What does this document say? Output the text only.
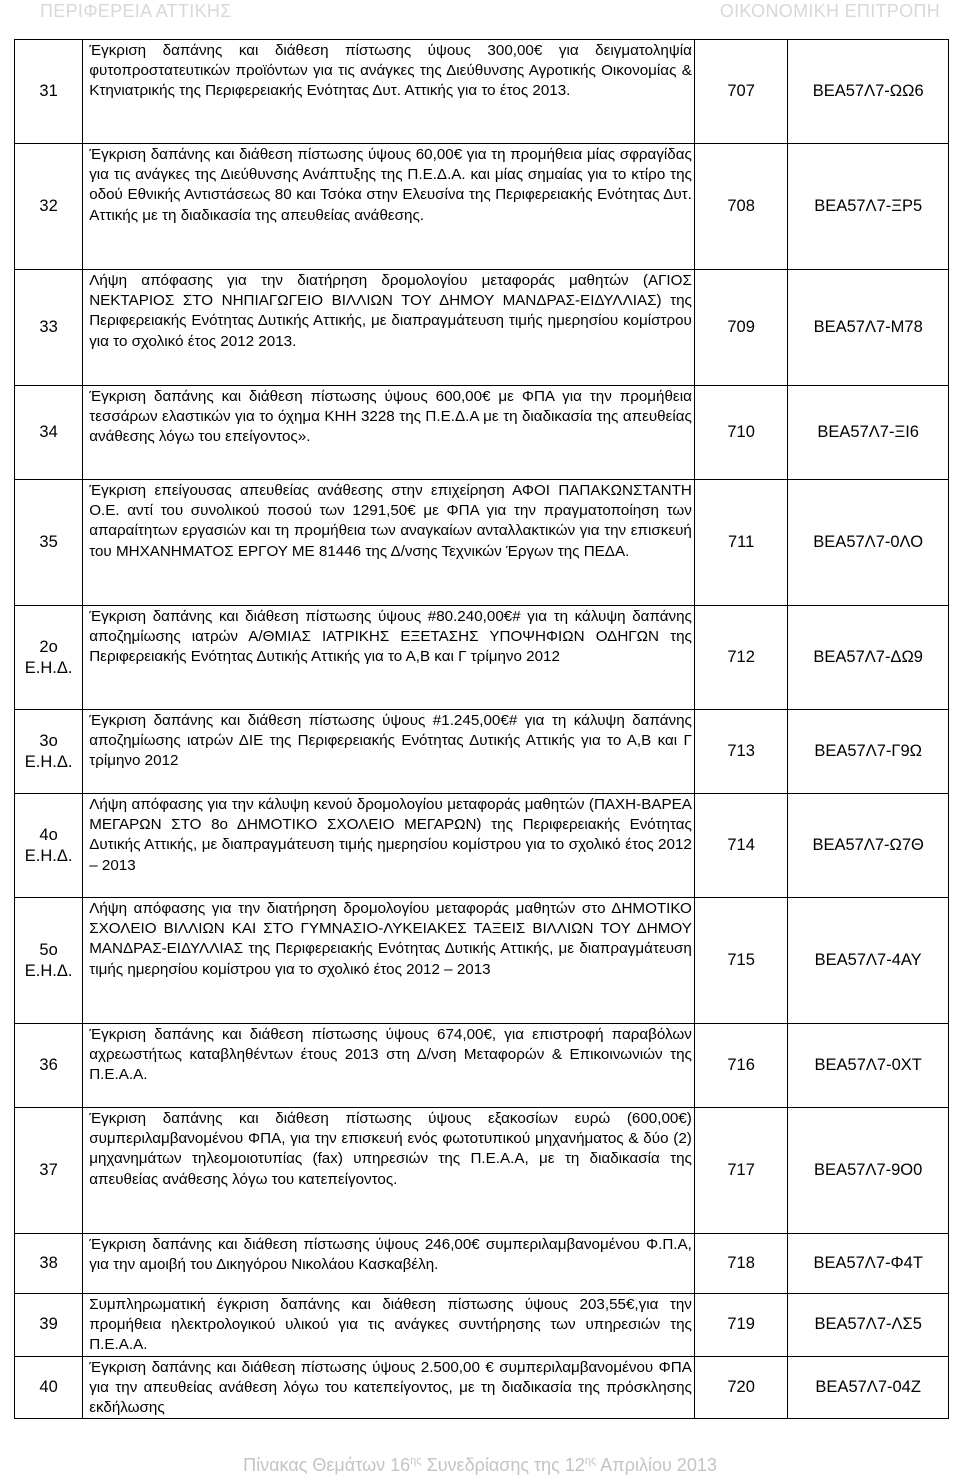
ΠΕΡΙΦΕΡΕΙΑ ΑΤΤΙΚΗΣ	ΟΙΚΟΝΟΜΙΚΗ ΕΠΙΤΡΟΠΗ
31	Έγκριση δαπάνης και διάθεση πίστωσης ύψους 300,00€ για δειγματοληψία φυτοπροστατευτικών προϊόντων για τις ανάγκες της Διεύθυνσης Αγροτικής Οικονομίας & Κτηνιατρικής της Περιφερειακής Ενότητας Δυτ. Αττικής για το έτος 2013.	707	ΒΕΑ57Λ7-ΩΩ6
32	Έγκριση δαπάνης και διάθεση πίστωσης ύψους 60,00€ για τη προμήθεια μίας σφραγίδας για τις ανάγκες της Διεύθυνσης Ανάπτυξης της Π.Ε.Δ.Α. και μίας σημαίας για το κτίρο της οδού Εθνικής Αντιστάσεως 80 και Τσόκα στην Ελευσίνα της Περιφερειακής Ενότητας Δυτ. Αττικής με τη διαδικασία της απευθείας ανάθεσης.	708	ΒΕΑ57Λ7-ΞΡ5
33	Λήψη απόφασης για την διατήρηση δρομολογίου μεταφοράς μαθητών (ΑΓΙΟΣ ΝΕΚΤΑΡΙΟΣ ΣΤΟ ΝΗΠΙΑΓΩΓΕΙΟ ΒΙΛΛΙΩΝ ΤΟΥ ΔΗΜΟΥ ΜΑΝΔΡΑΣ-ΕΙΔΥΛΛΙΑΣ) της Περιφερειακής Ενότητας Δυτικής Αττικής, με διαπραγμάτευση τιμής ημερησίου κομίστρου για το σχολικό έτος 2012 2013.	709	ΒΕΑ57Λ7-Μ78
34	Έγκριση δαπάνης και διάθεση πίστωσης ύψους 600,00€ με ΦΠΑ για την προμήθεια τεσσάρων ελαστικών για το όχημα ΚΗΗ 3228 της Π.Ε.Δ.Α με τη διαδικασία της απευθείας ανάθεσης λόγω του επείγοντος».	710	ΒΕΑ57Λ7-ΞΙ6
35	Έγκριση επείγουσας απευθείας ανάθεσης στην επιχείρηση ΑΦΟΙ ΠΑΠΑΚΩΝΣΤΑΝΤΗ Ο.Ε. αντί του συνολικού ποσού των 1291,50€ με ΦΠΑ για την πραγματοποίηση των απαραίτητων εργασιών και τη προμήθεια των αναγκαίων ανταλλακτικών για την επισκευή του ΜΗΧΑΝΗΜΑΤΟΣ ΕΡΓΟΥ ΜΕ 81446 της Δ/νσης Τεχνικών Έργων της ΠΕΔΑ.	711	ΒΕΑ57Λ7-0ΛΟ
2ο Ε.Η.Δ.	Έγκριση δαπάνης και διάθεση πίστωσης ύψους #80.240,00€# για τη κάλυψη δαπάνης αποζημίωσης ιατρών Α/ΘΜΙΑΣ ΙΑΤΡΙΚΗΣ ΕΞΕΤΑΣΗΣ ΥΠΟΨΗΦΙΩΝ ΟΔΗΓΩΝ της Περιφερειακής Ενότητας Δυτικής Αττικής για το Α,Β και Γ τρίμηνο 2012	712	ΒΕΑ57Λ7-ΔΩ9
3ο Ε.Η.Δ.	Έγκριση δαπάνης και διάθεση πίστωσης ύψους #1.245,00€# για τη κάλυψη δαπάνης αποζημίωσης ιατρών ΔΙΕ της Περιφερειακής Ενότητας Δυτικής Αττικής για το Α,Β και Γ τρίμηνο 2012	713	ΒΕΑ57Λ7-Γ9Ω
4ο Ε.Η.Δ.	Λήψη απόφασης για την κάλυψη κενού δρομολογίου μεταφοράς μαθητών (ΠΑΧΗ-ΒΑΡΕΑ ΜΕΓΑΡΩΝ ΣΤΟ 8ο ΔΗΜΟΤΙΚΟ ΣΧΟΛΕΙΟ ΜΕΓΑΡΩΝ) της Περιφερειακής Ενότητας Δυτικής Αττικής, με διαπραγμάτευση τιμής ημερησίου κομίστρου για το σχολικό έτος 2012 – 2013	714	ΒΕΑ57Λ7-Ω7Θ
5ο Ε.Η.Δ.	Λήψη απόφασης για την διατήρηση δρομολογίου μεταφοράς μαθητών στο ΔΗΜΟΤΙΚΟ ΣΧΟΛΕΙΟ ΒΙΛΛΙΩΝ ΚΑΙ ΣΤΟ ΓΥΜΝΑΣΙΟ-ΛΥΚΕΙΑΚΕΣ ΤΑΞΕΙΣ ΒΙΛΛΙΩΝ ΤΟΥ ΔΗΜΟΥ ΜΑΝΔΡΑΣ-ΕΙΔΥΛΛΙΑΣ της Περιφερειακής Ενότητας Δυτικής Αττικής, με διαπραγμάτευση τιμής ημερησίου κομίστρου για το σχολικό έτος 2012 – 2013	715	ΒΕΑ57Λ7-4ΑΥ
36	Έγκριση δαπάνης και διάθεση πίστωσης ύψους 674,00€, για επιστροφή παραβόλων αχρεωστήτως καταβληθέντων έτους 2013 στη Δ/νση Μεταφορών & Επικοινωνιών της Π.Ε.Α.Α.	716	ΒΕΑ57Λ7-0ΧΤ
37	Έγκριση δαπάνης και διάθεση πίστωσης ύψους εξακοσίων ευρώ (600,00€) συμπεριλαμβανομένου ΦΠΑ, για την επισκευή ενός φωτοτυπικού μηχανήματος & δύο (2) μηχανημάτων τηλεομοιοτυπίας (fax) υπηρεσιών της Π.Ε.Α.Α, με τη διαδικασία της απευθείας ανάθεσης λόγω του κατεπείγοντος.	717	ΒΕΑ57Λ7-9Ο0
38	Έγκριση δαπάνης και διάθεση πίστωσης ύψους 246,00€ συμπεριλαμβανομένου Φ.Π.Α, για την αμοιβή του Δικηγόρου Νικολάου Κασκαβέλη.	718	ΒΕΑ57Λ7-Φ4Τ
39	Συμπληρωματική έγκριση δαπάνης και διάθεση πίστωσης ύψους 203,55€,για την προμήθεια ηλεκτρολογικού υλικού για τις ανάγκες συντήρησης των υπηρεσιών της Π.Ε.Α.Α.	719	ΒΕΑ57Λ7-ΛΣ5
40	Έγκριση δαπάνης και διάθεση πίστωσης ύψους 2.500,00 € συμπεριλαμβανομένου ΦΠΑ για την απευθείας ανάθεση λόγω του κατεπείγοντος, με τη διαδικασία της πρόσκλησης εκδήλωσης	720	ΒΕΑ57Λ7-04Ζ
Πίνακας Θεμάτων $16^{\eta\varsigma}$ Συνεδρίασης της $12^{\eta\varsigma}$ Απριλίου 2013
